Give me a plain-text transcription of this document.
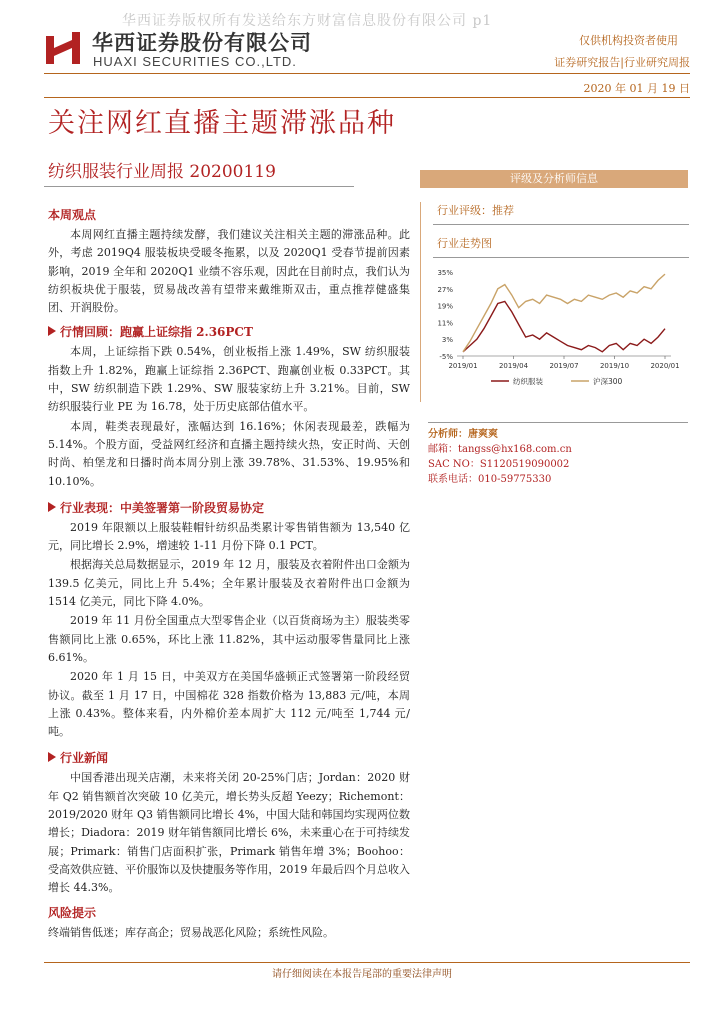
华西证券版权所有发送给东方财富信息股份有限公司 p1
华西证券股份有限公司
HUAXI SECURITIES CO.,LTD.
仅供机构投资者使用
证券研究报告|行业研究周报
2020 年 01 月 19 日
关注网红直播主题滞涨品种
纺织服装行业周报 20200119
本周观点

本周网红直播主题持续发酵，我们建议关注相关主题的滞涨品种。此外，考虑 2019Q4 服装板块受暖冬拖累，以及 2020Q1 受春节提前因素影响，2019 全年和 2020Q1 业绩不容乐观，因此在目前时点，我们认为纺织板块优于服装，贸易战改善有望带来戴维斯双击，重点推荐健盛集团、开润股份。

行情回顾：跑赢上证综指 2.36PCT

本周，上证综指下跌 0.54%，创业板指上涨 1.49%，SW 纺织服装指数上升 1.82%，跑赢上证综指 2.36PCT、跑赢创业板 0.33PCT。其中，SW 纺织制造下跌 1.29%、SW 服装家纺上升 3.21%。目前，SW 纺织服装行业 PE 为 16.78，处于历史底部估值水平。

本周，鞋类表现最好，涨幅达到 16.16%；休闲表现最差，跌幅为 5.14%。个股方面，受益网红经济和直播主题持续火热，安正时尚、天创时尚、柏堡龙和日播时尚本周分别上涨 39.78%、31.53%、19.95%和 10.10%。

行业表现：中美签署第一阶段贸易协定

2019 年限额以上服装鞋帽针纺织品类累计零售销售额为 13,540 亿元，同比增长 2.9%，增速较 1-11 月份下降 0.1 PCT。

根据海关总局数据显示，2019 年 12 月，服装及衣着附件出口金额为 139.5 亿美元，同比上升 5.4%；全年累计服装及衣着附件出口金额为 1514 亿美元，同比下降 4.0%。

2019 年 11 月份全国重点大型零售企业（以百货商场为主）服装类零售额同比上涨 0.65%，环比上涨 11.82%，其中运动服零售量同比上涨 6.61%。

2020 年 1 月 15 日，中美双方在美国华盛顿正式签署第一阶段经贸协议。截至 1 月 17 日，中国棉花 328 指数价格为 13,883 元/吨，本周上涨 0.43%。整体来看，内外棉价差本周扩大 112 元/吨至 1,744 元/吨。

行业新闻

中国香港出现关店潮，未来将关闭 20-25%门店；Jordan：2020 财年 Q2 销售额首次突破 10 亿美元，增长势头反超 Yeezy；Richemont：2019/2020 财年 Q3 销售额同比增长 4%，中国大陆和韩国均实现两位数增长；Diadora：2019 财年销售额同比增长 6%，未来重心在于可持续发展；Primark：销售门店面积扩张，Primark 销售年增 3%；Boohoo：受高效供应链、平价服饰以及快捷服务等作用，2019 年最后四个月总收入增长 44.3%。

风险提示

终端销售低迷；库存高企；贸易战恶化风险；系统性风险。

评级及分析师信息
行业评级：推荐
行业走势图
35%
27%
19%
11%
3%
-5%
2019/01	2019/04	2019/07	2019/10	2020/01
纺织服装	沪深300
分析师：唐爽爽
邮箱：tangss@hx168.com.cn
SAC NO：S1120519090002
联系电话：010-59775330
请仔细阅读在本报告尾部的重要法律声明
